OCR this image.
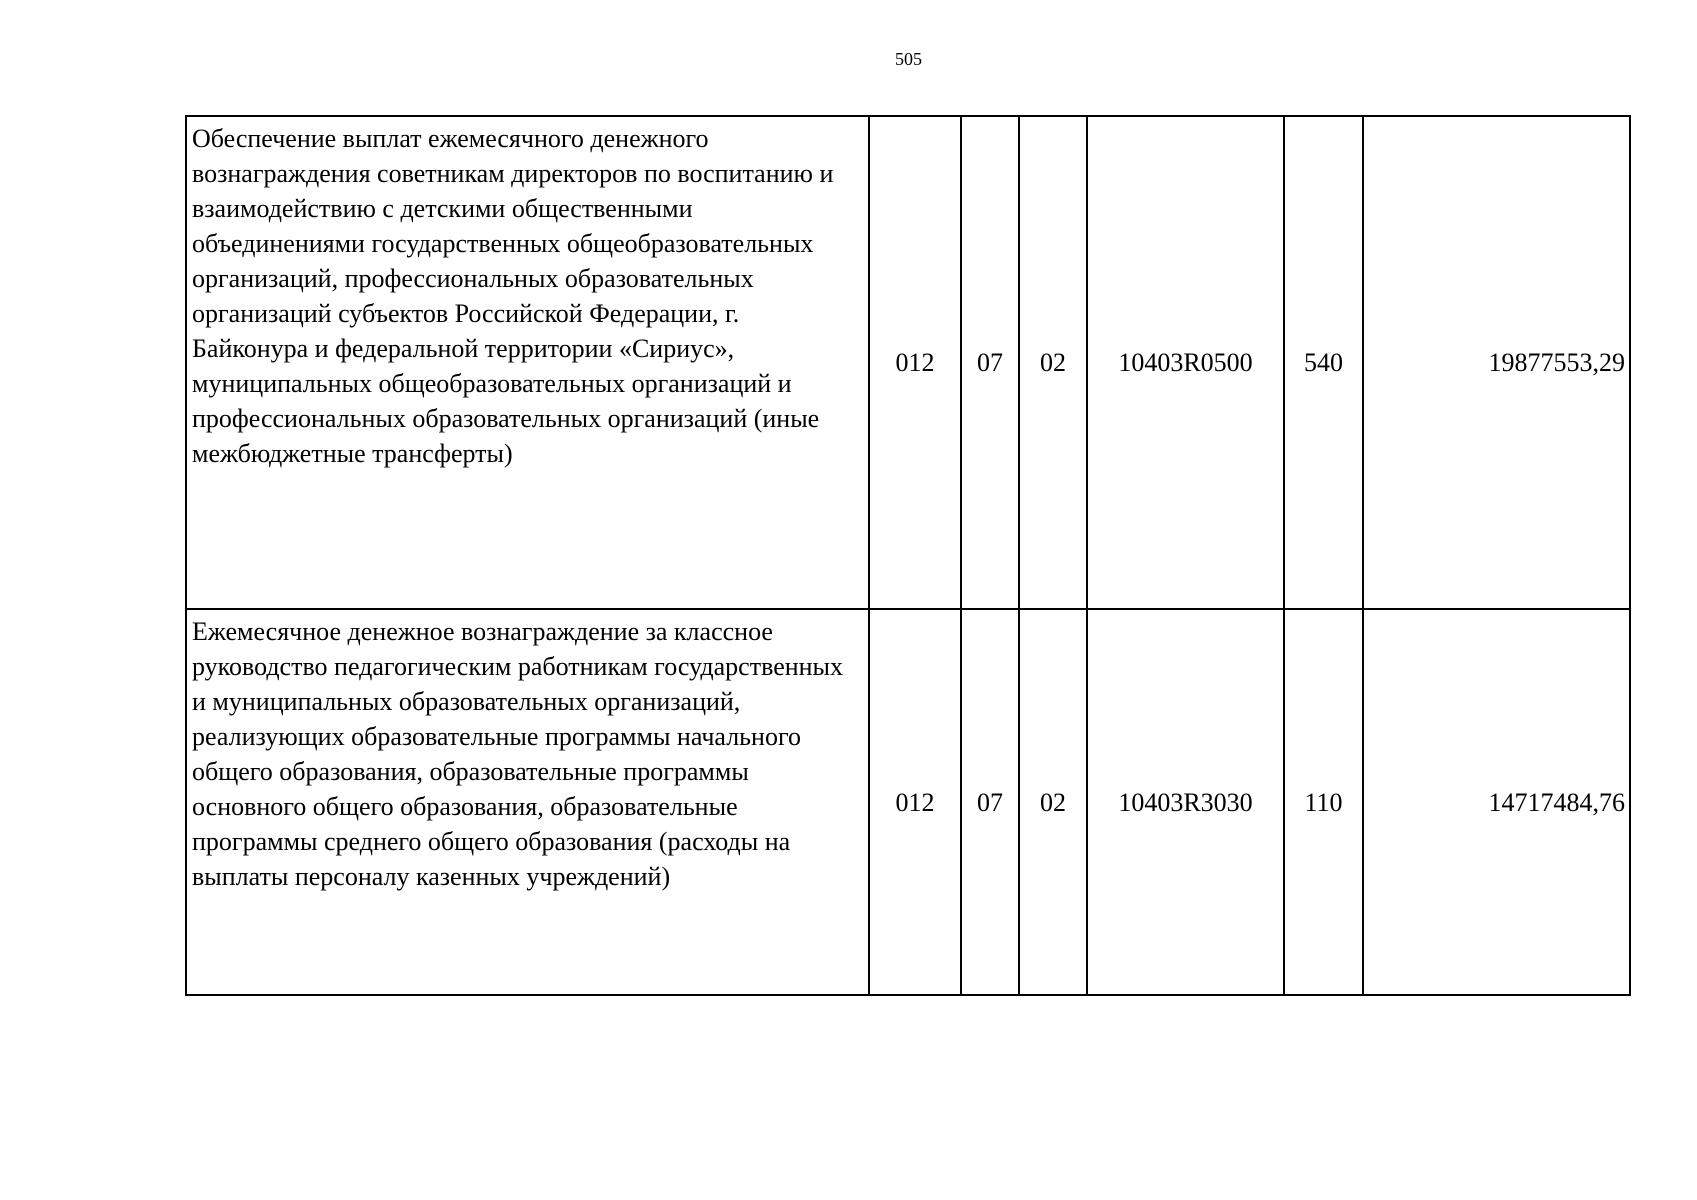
505
Обеспечение выплат ежемесячного денежного вознаграждения советникам директоров по воспитанию и взаимодействию с детскими общественными объединениями государственных общеобразовательных организаций, профессиональных образовательных организаций субъектов Российской Федерации, г. Байконура и федеральной территории «Сириус», муниципальных общеобразовательных организаций и профессиональных образовательных организаций (иные межбюджетные трансферты)	012	07	02	10403R0500	540	19877553,29
Ежемесячное денежное вознаграждение за классное руководство педагогическим работникам государственных и муниципальных образовательных организаций, реализующих образовательные программы начального общего образования, образовательные программы основного общего образования, образовательные программы среднего общего образования (расходы на выплаты персоналу казенных учреждений)	012	07	02	10403R3030	110	14717484,76
